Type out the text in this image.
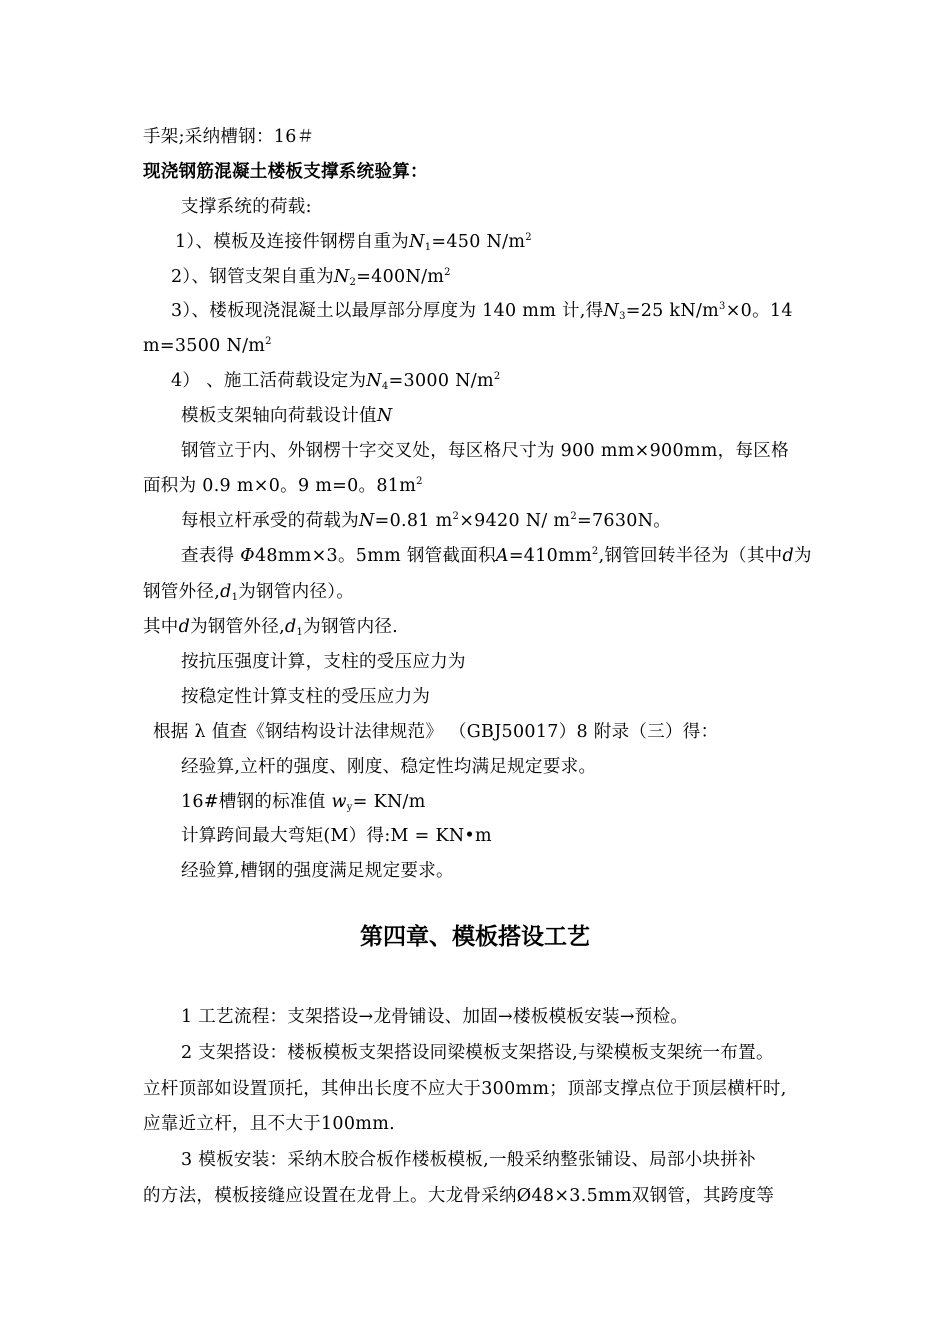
手架;采纳槽钢：16＃
现浇钢筋混凝土楼板支撑系统验算：
支撑系统的荷载:
1）、模板及连接件钢楞自重为$N_1=450$ $N/m^2$
2）、钢管支架自重为$N_2=400N/m^2$
3）、楼板现浇混凝土以最厚部分厚度为 140 mm 计,得$N_3=25$ $kN/m^3\times 0$。14
m=3500 $N/m^2$
4） 、施工活荷载设定为$N_4=3000$ $N/m^2$
模板支架轴向荷载设计值N
钢管立于内、外钢楞十字交叉处，每区格尺寸为 900 mm×900mm，每区格
面积为 0.9 m×0。9 m=0。$81m^2$
每根立杆承受的荷载为N=0.81 $m^2\times 9420$ N/ $m^2=7630N$。
查表得 Φ48mm×3。5mm 钢管截面积$A=410mm^2$,钢管回转半径为（其中d为
钢管外径$,d_1$为钢管内径）。
其中d为钢管外径$,d_1$为钢管内径.
按抗压强度计算，支柱的受压应力为
按稳定性计算支柱的受压应力为
根据 λ 值查《钢结构设计法律规范》 （GBJ50017）8 附录（三）得：
经验算,立杆的强度、刚度、稳定性均满足规定要求。
16#槽钢的标准值 $w_y= KN/m$
计算跨间最大弯矩(M）得:M = KN•m
经验算,槽钢的强度满足规定要求。
第四章、模板搭设工艺
1 工艺流程：支架搭设→龙骨铺设、加固→楼板模板安装→预检。
2 支架搭设：楼板模板支架搭设同梁模板支架搭设,与梁模板支架统一布置。
立杆顶部如设置顶托，其伸出长度不应大于300mm；顶部支撑点位于顶层横杆时,
应靠近立杆，且不大于100mm.
3 模板安装：采纳木胶合板作楼板模板,一般采纳整张铺设、局部小块拼补
的方法，模板接缝应设置在龙骨上。大龙骨采纳Ø48×3.5mm双钢管，其跨度等
